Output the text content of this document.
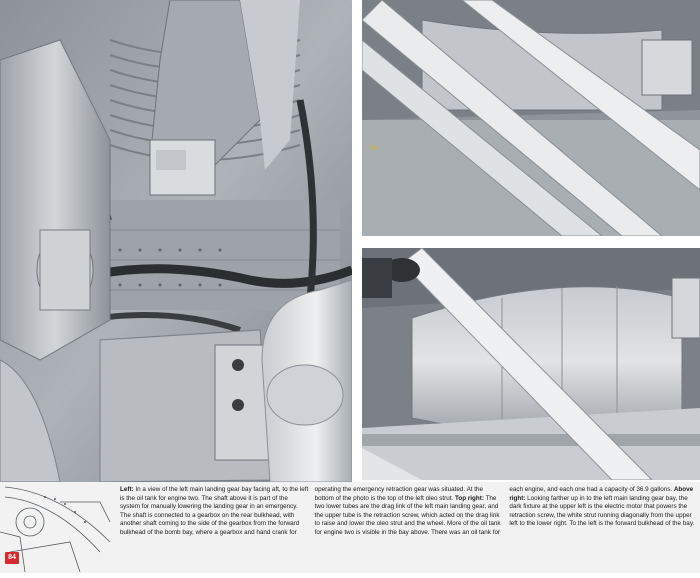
lan
Left: In a view of the left main landing gear bay facing aft, to the left is the oil tank for engine two. The shaft above it is part of the system for manually lowering the landing gear in an emergency. The shaft is connected to a gearbox on the rear bulkhead, with another shaft coming to the side of the gearbox from the forward bulkhead of the bomb bay, where a gearbox and hand crank for operating the emergency retraction gear was situated. At the bottom of the photo is the top of the left oleo strut. Top right: The two lower tubes are the drag link of the left main landing gear, and the upper tube is the retraction screw, which acted on the drag link to raise and lower the oleo strut and the wheel. More of the oil tank for engine two is visible in the bay above. There was an oil tank for each engine, and each one had a capacity of 36.9 gallons. Above right: Looking farther up in to the left main landing gear bay, the dark fixture at the upper left is the electric motor that powers the retraction screw, the white strut running diagonally from the upper left to the lower right. To the left is the forward bulkhead of the bay.
84
